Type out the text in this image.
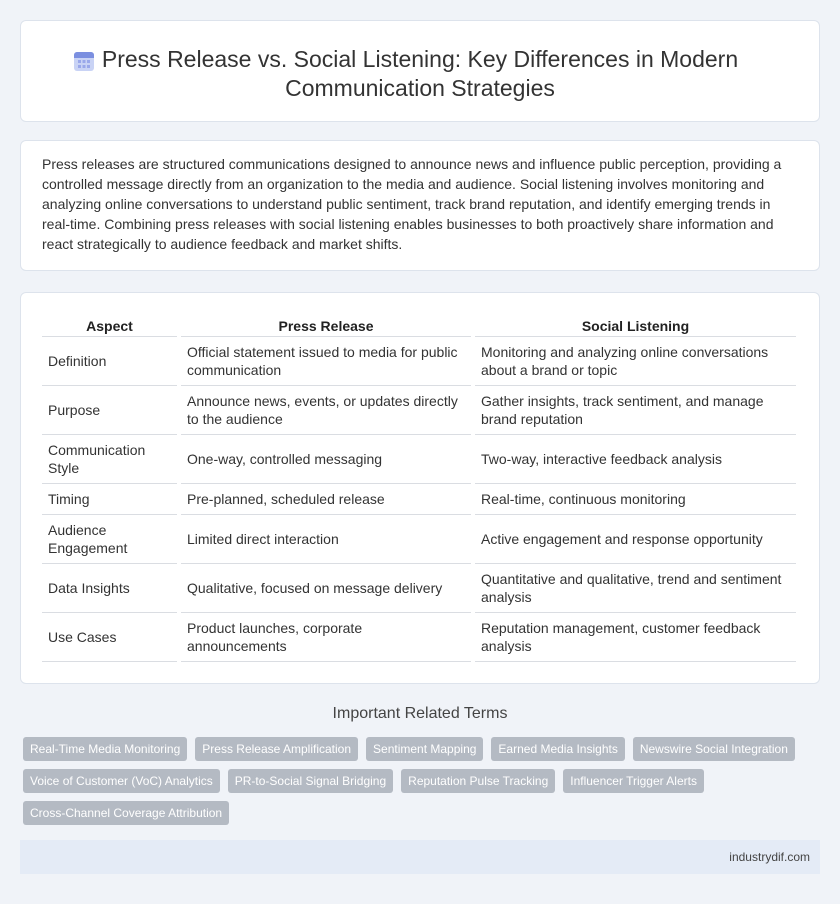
Press Release vs. Social Listening: Key Differences in Modern Communication Strategies

Press releases are structured communications designed to announce news and influence public perception, providing a controlled message directly from an organization to the media and audience. Social listening involves monitoring and analyzing online conversations to understand public sentiment, track brand reputation, and identify emerging trends in real-time. Combining press releases with social listening enables businesses to both proactively share information and react strategically to audience feedback and market shifts.

Aspect	Press Release	Social Listening
Definition	Official statement issued to media for public communication	Monitoring and analyzing online conversations about a brand or topic
Purpose	Announce news, events, or updates directly to the audience	Gather insights, track sentiment, and manage brand reputation
Communication Style	One-way, controlled messaging	Two-way, interactive feedback analysis
Timing	Pre-planned, scheduled release	Real-time, continuous monitoring
Audience Engagement	Limited direct interaction	Active engagement and response opportunity
Data Insights	Qualitative, focused on message delivery	Quantitative and qualitative, trend and sentiment analysis
Use Cases	Product launches, corporate announcements	Reputation management, customer feedback analysis
Important Related Terms
Real-Time Media Monitoring	Press Release Amplification	Sentiment Mapping	Earned Media Insights	Newswire Social Integration
Voice of Customer (VoC) Analytics	PR-to-Social Signal Bridging	Reputation Pulse Tracking	Influencer Trigger Alerts
Cross-Channel Coverage Attribution
industrydif.com
